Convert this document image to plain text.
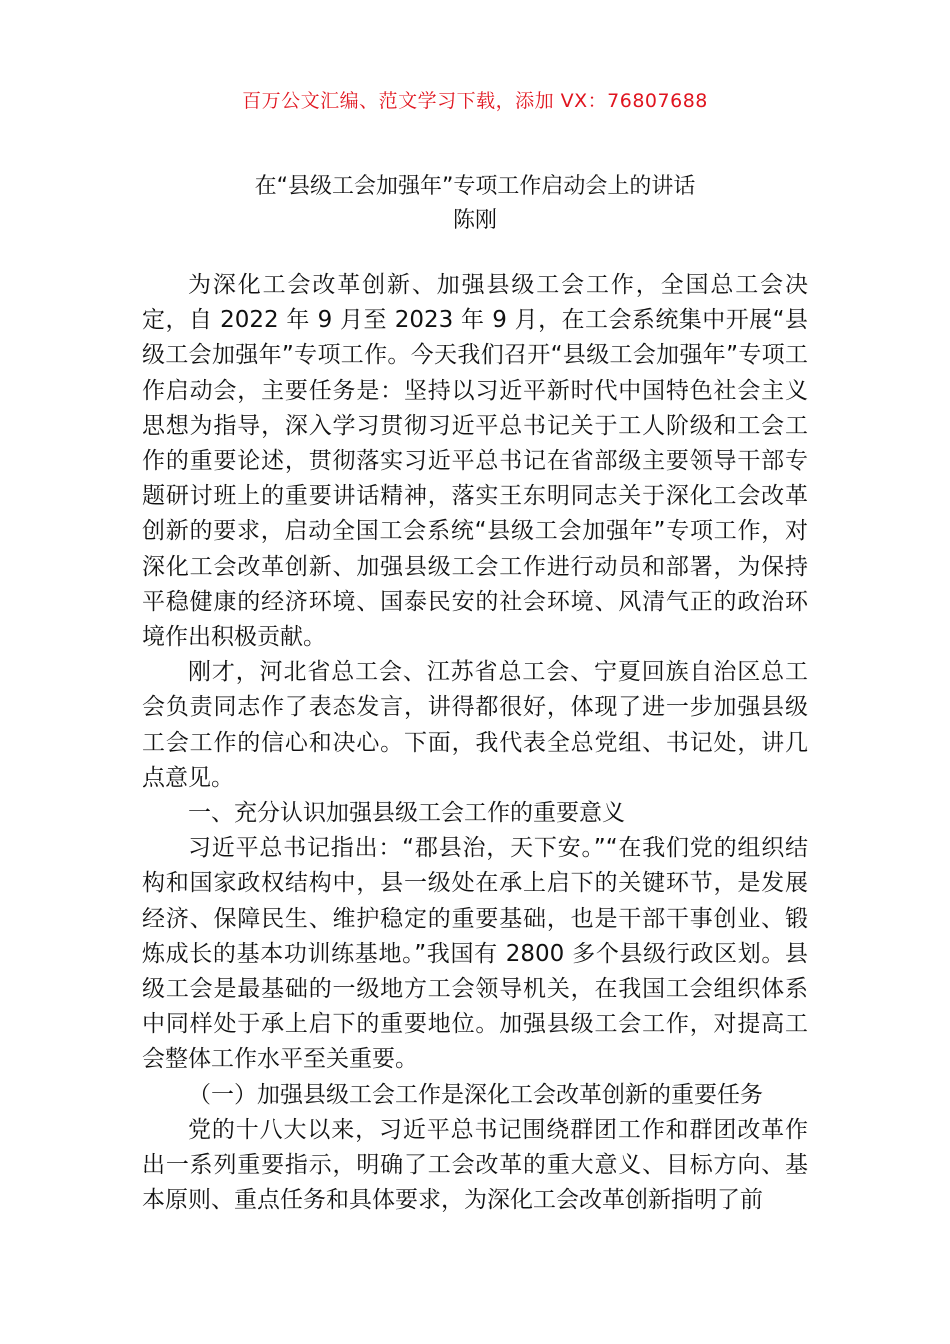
百万公文汇编、范文学习下载，添加 VX：76807688
在“县级工会加强年”专项工作启动会上的讲话
陈刚

为深化工会改革创新、加强县级工会工作，全国总工会决定，自 2022 年 9 月至 2023 年 9 月，在工会系统集中开展“县级工会加强年”专项工作。今天我们召开“县级工会加强年”专项工作启动会，主要任务是：坚持以习近平新时代中国特色社会主义思想为指导，深入学习贯彻习近平总书记关于工人阶级和工会工作的重要论述，贯彻落实习近平总书记在省部级主要领导干部专题研讨班上的重要讲话精神，落实王东明同志关于深化工会改革创新的要求，启动全国工会系统“县级工会加强年”专项工作，对深化工会改革创新、加强县级工会工作进行动员和部署，为保持平稳健康的经济环境、国泰民安的社会环境、风清气正的政治环境作出积极贡献。

刚才，河北省总工会、江苏省总工会、宁夏回族自治区总工会负责同志作了表态发言，讲得都很好，体现了进一步加强县级工会工作的信心和决心。下面，我代表全总党组、书记处，讲几点意见。

一、充分认识加强县级工会工作的重要意义

习近平总书记指出：“郡县治，天下安。”“在我们党的组织结构和国家政权结构中，县一级处在承上启下的关键环节，是发展经济、保障民生、维护稳定的重要基础，也是干部干事创业、锻炼成长的基本功训练基地。”我国有 2800 多个县级行政区划。县级工会是最基础的一级地方工会领导机关，在我国工会组织体系中同样处于承上启下的重要地位。加强县级工会工作，对提高工会整体工作水平至关重要。

（一）加强县级工会工作是深化工会改革创新的重要任务

党的十八大以来，习近平总书记围绕群团工作和群团改革作出一系列重要指示，明确了工会改革的重大意义、目标方向、基本原则、重点任务和具体要求，为深化工会改革创新指明了前
